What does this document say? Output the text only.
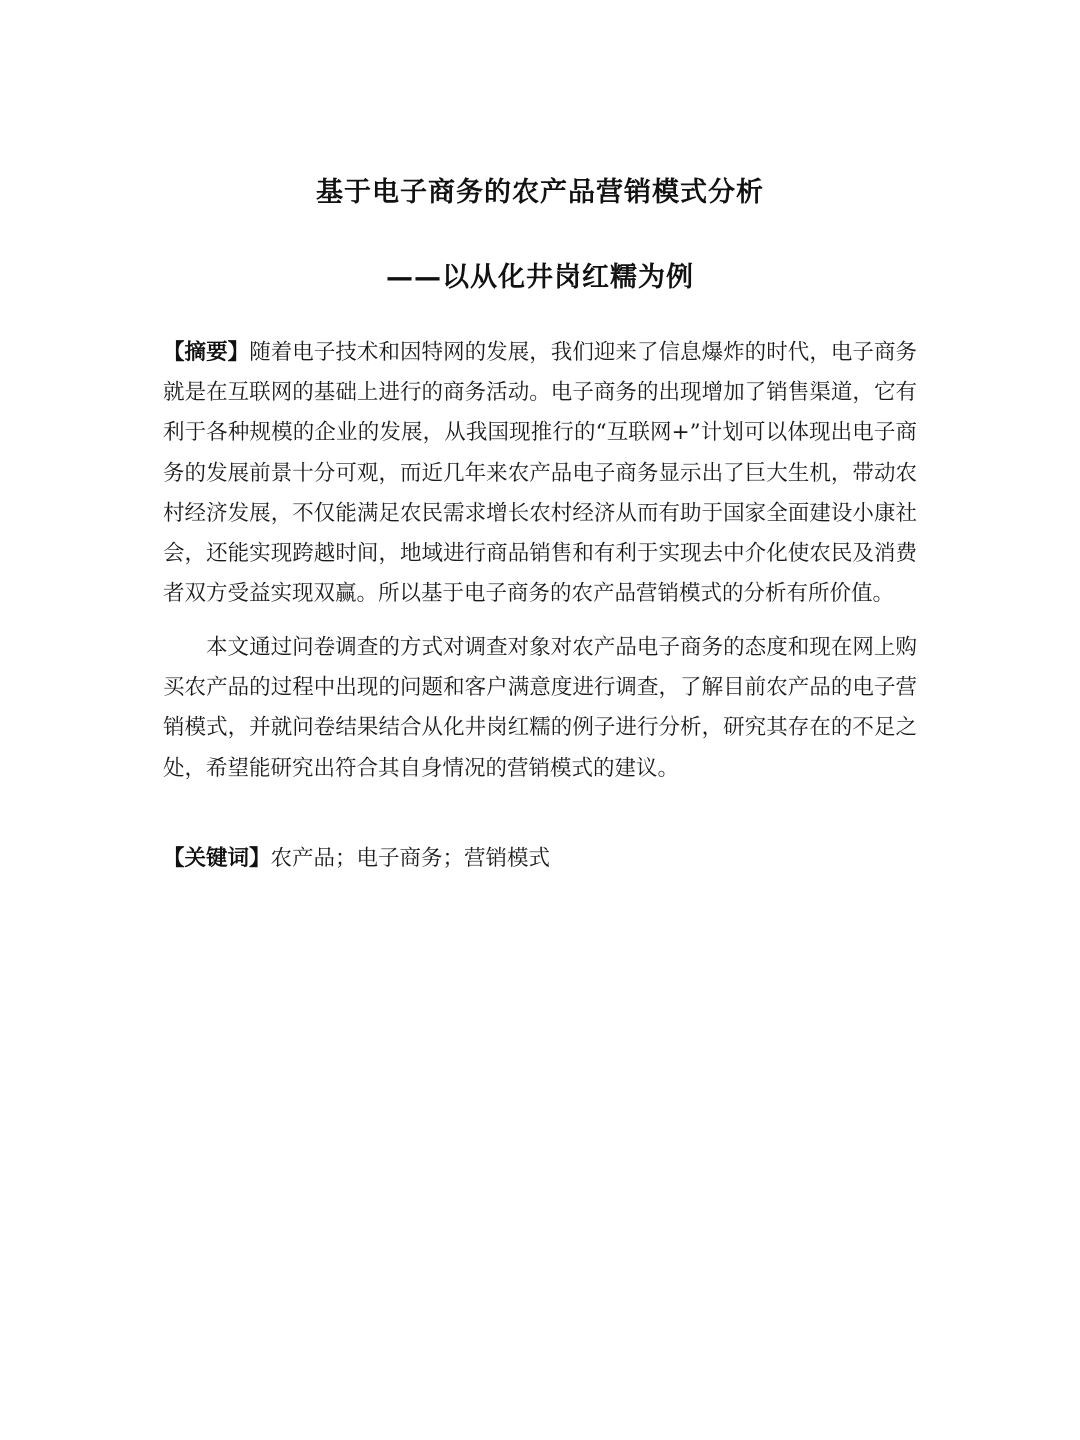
基于电子商务的农产品营销模式分析
——以从化井岗红糯为例

【摘要】随着电子技术和因特网的发展，我们迎来了信息爆炸的时代，电子商务就是在互联网的基础上进行的商务活动。电子商务的出现增加了销售渠道，它有利于各种规模的企业的发展，从我国现推行的“互联网+”计划可以体现出电子商务的发展前景十分可观，而近几年来农产品电子商务显示出了巨大生机，带动农村经济发展，不仅能满足农民需求增长农村经济从而有助于国家全面建设小康社会，还能实现跨越时间，地域进行商品销售和有利于实现去中介化使农民及消费者双方受益实现双赢。所以基于电子商务的农产品营销模式的分析有所价值。

本文通过问卷调查的方式对调查对象对农产品电子商务的态度和现在网上购买农产品的过程中出现的问题和客户满意度进行调查，了解目前农产品的电子营销模式，并就问卷结果结合从化井岗红糯的例子进行分析，研究其存在的不足之处，希望能研究出符合其自身情况的营销模式的建议。

【关键词】农产品；电子商务；营销模式
